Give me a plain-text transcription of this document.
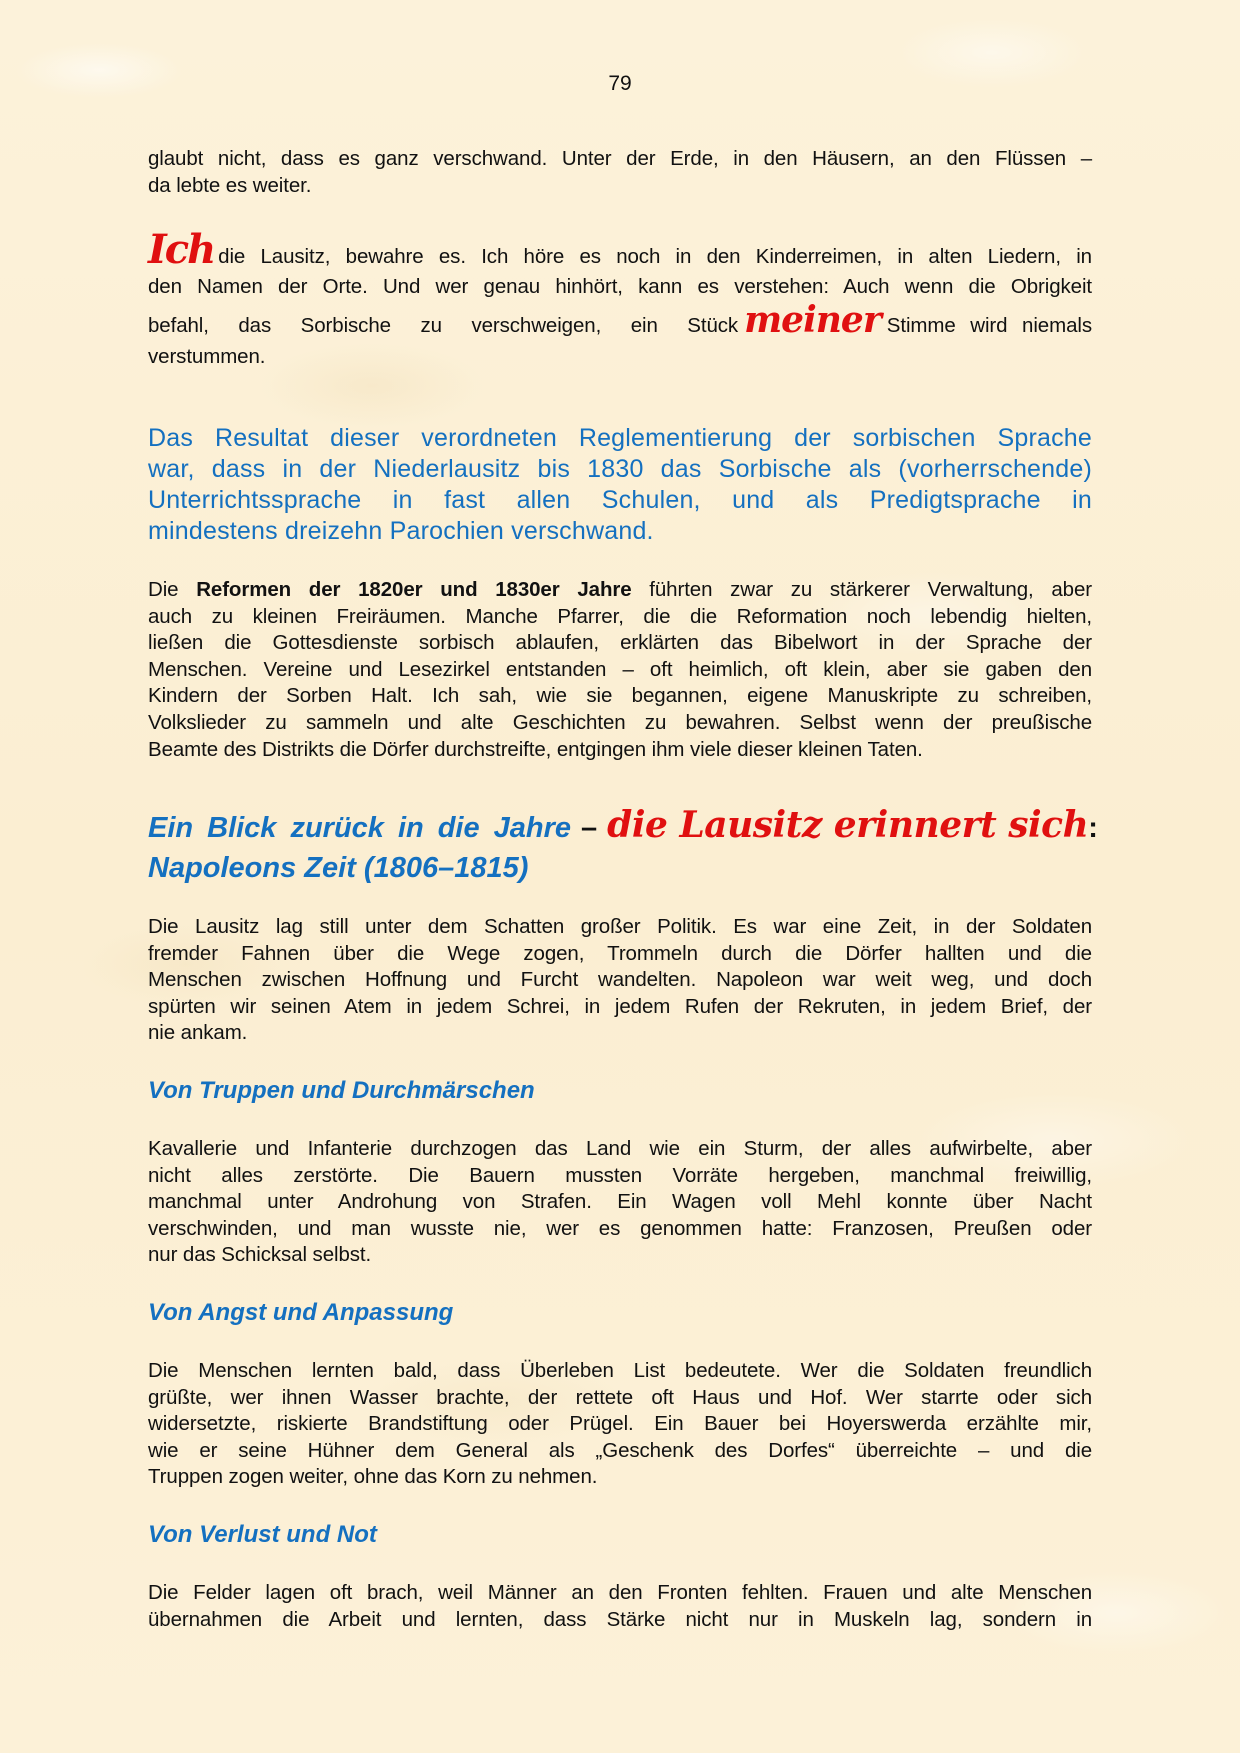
79
glaubt nicht, dass es ganz verschwand. Unter der Erde, in den Häusern, an den Flüssen –
da lebte es weiter.
Ich die Lausitz, bewahre es. Ich höre es noch in den Kinderreimen, in alten Liedern, in
den Namen der Orte. Und wer genau hinhört, kann es verstehen: Auch wenn die Obrigkeit
befahl, das Sorbische zu verschweigen, ein Stück meiner Stimme wird niemals
verstummen.
Das Resultat dieser verordneten Reglementierung der sorbischen Sprache
war, dass in der Niederlausitz bis 1830 das Sorbische als (vorherrschende)
Unterrichtssprache in fast allen Schulen, und als Predigtsprache in
mindestens dreizehn Parochien verschwand.
Die Reformen der 1820er und 1830er Jahre führten zwar zu stärkerer Verwaltung, aber
auch zu kleinen Freiräumen. Manche Pfarrer, die die Reformation noch lebendig hielten,
ließen die Gottesdienste sorbisch ablaufen, erklärten das Bibelwort in der Sprache der
Menschen. Vereine und Lesezirkel entstanden – oft heimlich, oft klein, aber sie gaben den
Kindern der Sorben Halt. Ich sah, wie sie begannen, eigene Manuskripte zu schreiben,
Volkslieder zu sammeln und alte Geschichten zu bewahren. Selbst wenn der preußische
Beamte des Distrikts die Dörfer durchstreifte, entgingen ihm viele dieser kleinen Taten.
Ein Blick zurück in die Jahre – die Lausitz erinnert sich:
Napoleons Zeit (1806–1815)
Die Lausitz lag still unter dem Schatten großer Politik. Es war eine Zeit, in der Soldaten
fremder Fahnen über die Wege zogen, Trommeln durch die Dörfer hallten und die
Menschen zwischen Hoffnung und Furcht wandelten. Napoleon war weit weg, und doch
spürten wir seinen Atem in jedem Schrei, in jedem Rufen der Rekruten, in jedem Brief, der
nie ankam.
Von Truppen und Durchmärschen
Kavallerie und Infanterie durchzogen das Land wie ein Sturm, der alles aufwirbelte, aber
nicht alles zerstörte. Die Bauern mussten Vorräte hergeben, manchmal freiwillig,
manchmal unter Androhung von Strafen. Ein Wagen voll Mehl konnte über Nacht
verschwinden, und man wusste nie, wer es genommen hatte: Franzosen, Preußen oder
nur das Schicksal selbst.
Von Angst und Anpassung
Die Menschen lernten bald, dass Überleben List bedeutete. Wer die Soldaten freundlich
grüßte, wer ihnen Wasser brachte, der rettete oft Haus und Hof. Wer starrte oder sich
widersetzte, riskierte Brandstiftung oder Prügel. Ein Bauer bei Hoyerswerda erzählte mir,
wie er seine Hühner dem General als „Geschenk des Dorfes“ überreichte – und die
Truppen zogen weiter, ohne das Korn zu nehmen.
Von Verlust und Not
Die Felder lagen oft brach, weil Männer an den Fronten fehlten. Frauen und alte Menschen
übernahmen die Arbeit und lernten, dass Stärke nicht nur in Muskeln lag, sondern in
